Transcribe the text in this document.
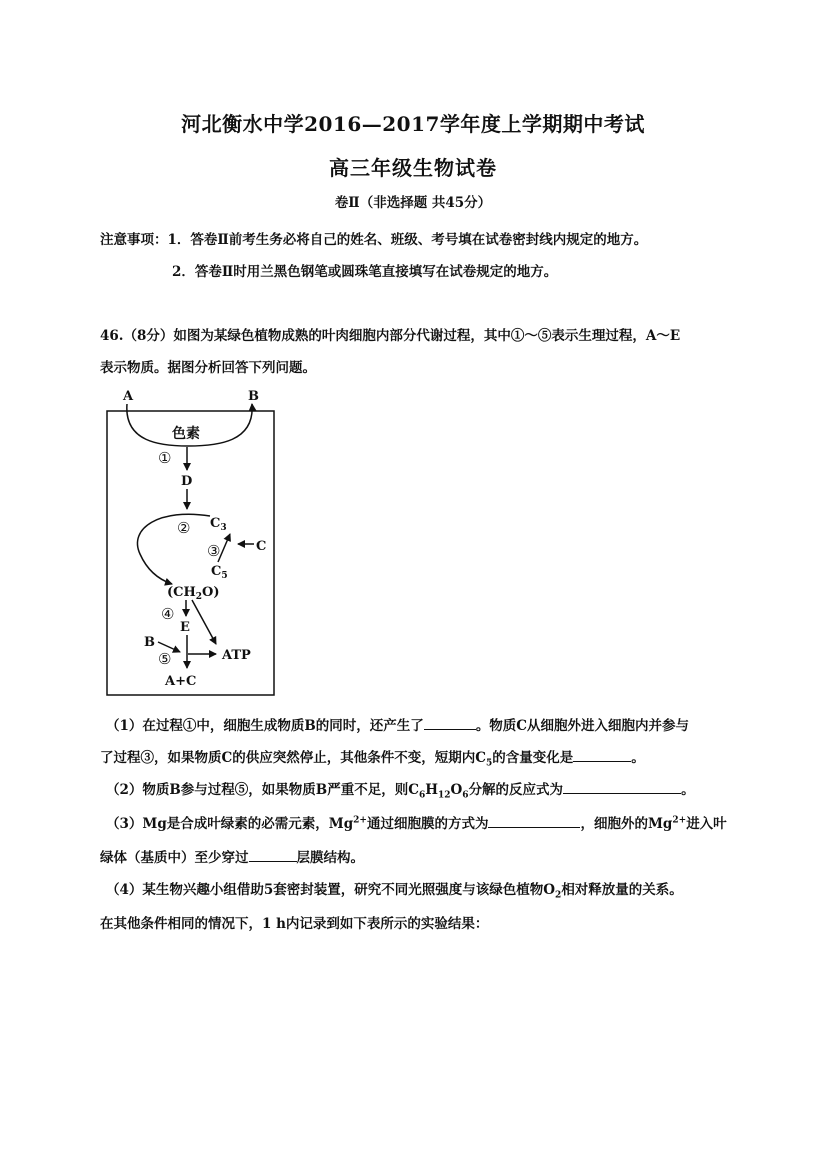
河北衡水中学2016—2017学年度上学期期中考试
高三年级生物试卷
卷Ⅱ（非选择题 共45分）
注意事项：1．答卷Ⅱ前考生务必将自己的姓名、班级、考号填在试卷密封线内规定的地方。
2．答卷Ⅱ时用兰黑色钢笔或圆珠笔直接填写在试卷规定的地方。
46.（8分）如图为某绿色植物成熟的叶肉细胞内部分代谢过程，其中①～⑤表示生理过程，A～E
表示物质。据图分析回答下列问题。
A	B
色素
①
D
② $C_3$
③	C
$C_5$
$(CH_2O)$
④
E
B
ATP
⑤
A+C
（1）在过程①中，细胞生成物质B的同时，还产生了	。物质C从细胞外进入细胞内并参与
了过程③，如果物质C的供应突然停止，其他条件不变，短期内$C_5$的含量变化是	。
（2）物质B参与过程⑤，如果物质B严重不足，则$C_6H_{12}O_6$分解的反应式为	。
（3）Mg是合成叶绿素的必需元素，$Mg^{2+}$通过细胞膜的方式为	，细胞外的$Mg^{2+}$进入叶
绿体（基质中）至少穿过	层膜结构。
（4）某生物兴趣小组借助5套密封装置，研究不同光照强度与该绿色植物$O_2$相对释放量的关系。
在其他条件相同的情况下，1 h内记录到如下表所示的实验结果：
